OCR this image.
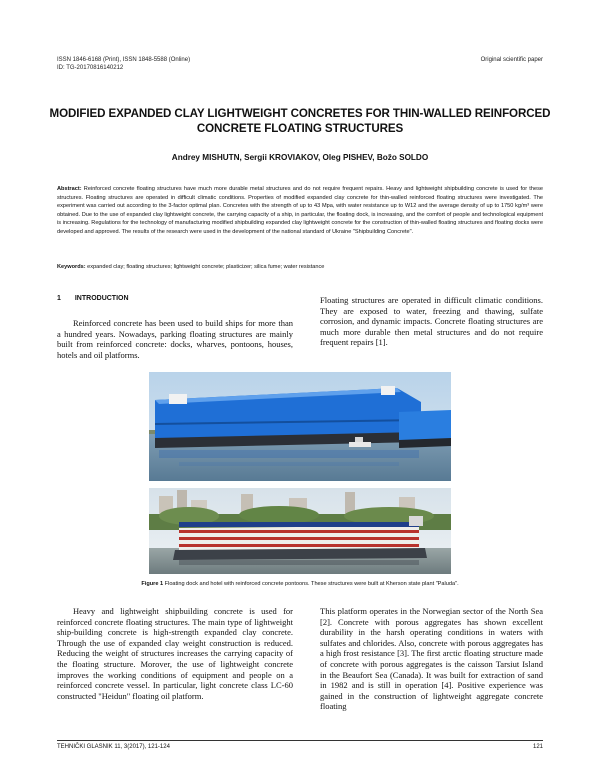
ISSN 1846-6168 (Print), ISSN 1848-5588 (Online)
ID: TG-20170816140212
Original scientific paper
MODIFIED EXPANDED CLAY LIGHTWEIGHT CONCRETES FOR THIN-WALLED REINFORCED
CONCRETE FLOATING STRUCTURES
Andrey MISHUTN, Sergii KROVIAKOV, Oleg PISHEV, Božo SOLDO
Abstract: Reinforced concrete floating structures have much more durable metal structures and do not require frequent repairs. Heavy and lightweight shipbuilding concrete is used for these structures. Floating structures are operated in difficult climatic conditions. Properties of modified expanded clay concrete for thin-walled reinforced floating structures were investigated. The experiment was carried out according to the 3-factor optimal plan. Concretes with the strength of up to 43 Mpa, with water resistance up to W12 and the average density of up to 1750 kg/m³ were obtained. Due to the use of expanded clay lightweight concrete, the carrying capacity of a ship, in particular, the floating dock, is increasing, and the comfort of people and technological equipment is increasing. Regulations for the technology of manufacturing modified shipbuilding expanded clay lightweight concrete for the construction of thin-walled floating structures and floating docks were developed and approved. The results of the research were used in the development of the national standard of Ukraine "Shipbuilding Concrete".
Keywords: expanded clay; floating structures; lightweight concrete; plasticizer; silica fume; water resistance
1 INTRODUCTION
Reinforced concrete has been used to build ships for more than a hundred years. Nowadays, parking floating structures are mainly built from reinforced concrete: docks, wharves, pontoons, houses, hotels and oil platforms.
Floating structures are operated in difficult climatic conditions. They are exposed to water, freezing and thawing, sulfate corrosion, and dynamic impacts. Concrete floating structures are much more durable then metal structures and do not require frequent repairs [1].
Figure 1 Floating dock and hotel with reinforced concrete pontoons. These structures were built at Kherson state plant "Paluda".
Heavy and lightweight shipbuilding concrete is used for reinforced concrete floating structures. The main type of lightweight ship-building concrete is high-strength expanded clay concrete. Through the use of expanded clay weight construction is reduced. Reducing the weight of structures increases the carrying capacity of the floating structure. Morover, the use of lightweight concrete improves the working conditions of equipment and people on a reinforced concrete vessel. In particular, light concrete class LC-60 constructed "Heidun" floating oil platform.
This platform operates in the Norwegian sector of the North Sea [2]. Concrete with porous aggregates has shown excellent durability in the harsh operating conditions in waters with sulfates and chlorides. Also, concrete with porous aggregates has a high frost resistance [3]. The first arctic floating structure made of concrete with porous aggregates is the caisson Tarsiut Island in the Beaufort Sea (Canada). It was built for extraction of sand in 1982 and is still in operation [4]. Positive experience was gained in the construction of lightweight aggregate concrete floating
TEHNIČKI GLASNIK 11, 3(2017), 121-124	121
